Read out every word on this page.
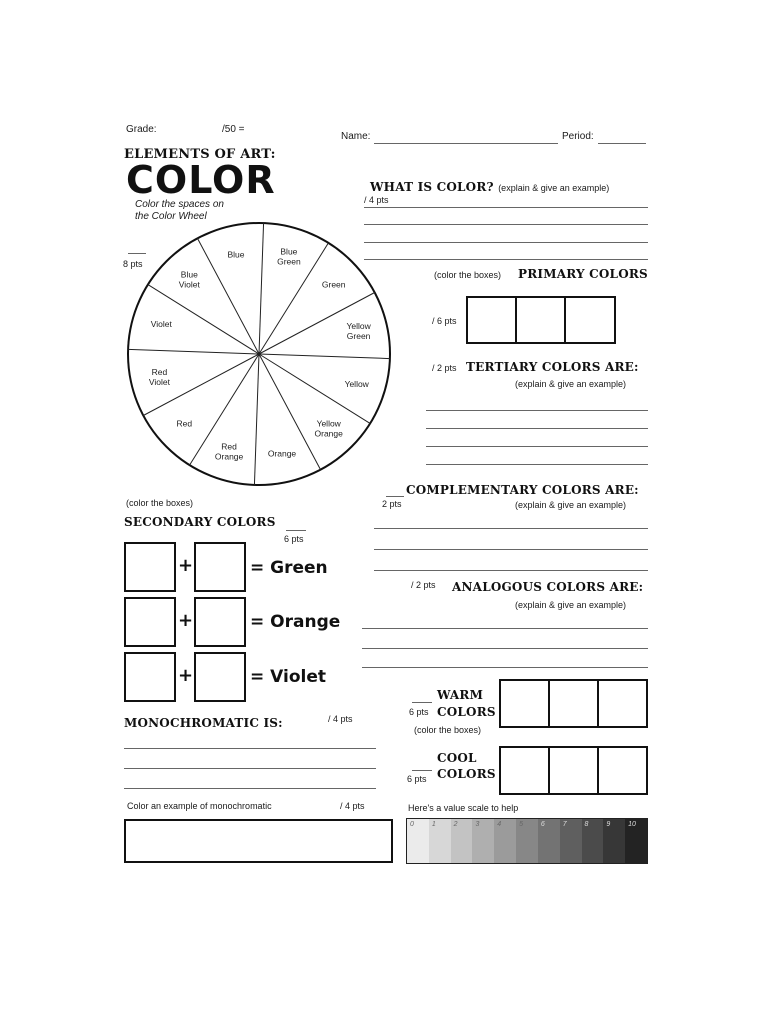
Grade:	/50 =
Name:	Period:
ELEMENTS OF ART:
COLOR
Color the spaces on
the Color Wheel
8 pts
Blue Green
Green
Yellow Green
Yellow
Yellow Orange
Orange
Red Orange
Red
Red Violet
Violet
Blue Violet
Blue
WHAT IS COLOR? (explain & give an example)
/ 4 pts
(color the boxes) PRIMARY COLORS
/ 6 pts
/ 2 pts TERTIARY COLORS ARE:
(explain & give an example)
COMPLEMENTARY COLORS ARE:
2 pts	(explain & give an example)
/ 2 pts ANALOGOUS COLORS ARE:
(explain & give an example)
(color the boxes)
SECONDARY COLORS
6 pts
+	= Green
+	= Orange
+	= Violet
WARM
6 pts COLORS
(color the boxes)
COOL
COLORS
6 pts
MONOCHROMATIC IS:	/ 4 pts
Color an example of monochromatic	/ 4 pts	Here's a value scale to help
0	1	2	3	4	5	6	7	8	9	10
